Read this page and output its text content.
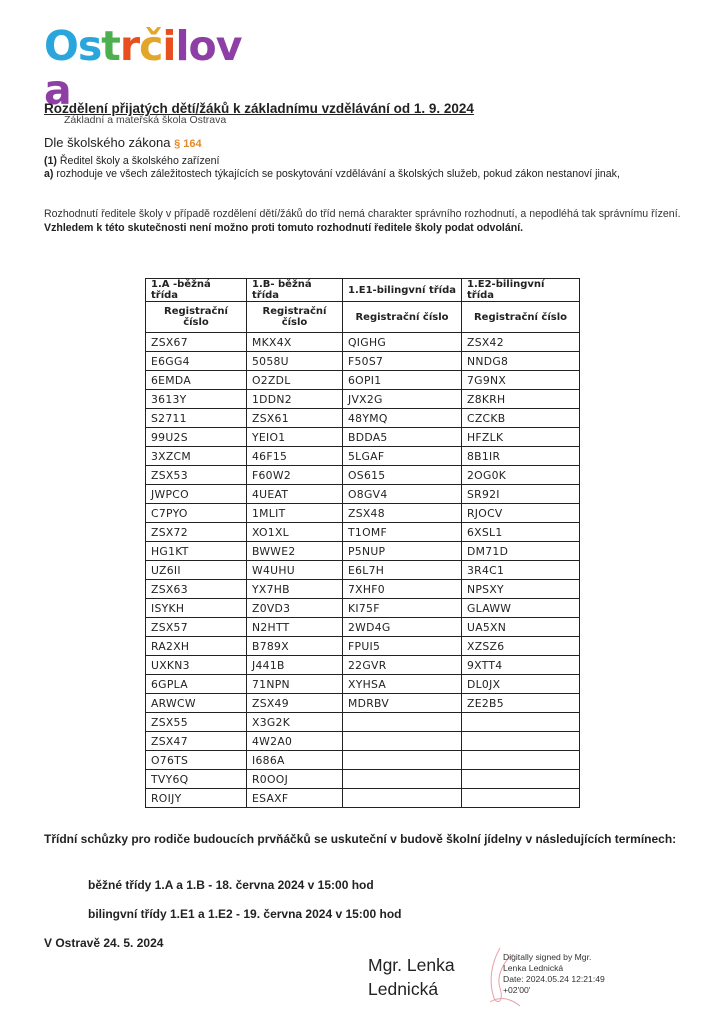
Ostrčilova
Základní a mateřská škola Ostrava
Rozdělení přijatých dětí/žáků k základnímu vzdělávání od 1. 9. 2024
Dle školského zákona § 164
(1) Ředitel školy a školského zařízení
a) rozhoduje ve všech záležitostech týkajících se poskytování vzdělávání a školských služeb, pokud zákon nestanoví jinak,
Rozhodnutí ředitele školy v případě rozdělení dětí/žáků do tříd nemá charakter správního rozhodnutí, a nepodléhá tak správnímu řízení. Vzhledem k této skutečnosti není možno proti tomuto rozhodnutí ředitele školy podat odvolání.
1.A -běžná třída	1.B- běžná třída	1.E1-bilingvní třída	1.E2-bilingvní třída
Registrační číslo	Registrační číslo	Registrační číslo	Registrační číslo
ZSX67	MKX4X	QIGHG	ZSX42
E6GG4	5058U	F50S7	NNDG8
6EMDA	O2ZDL	6OPI1	7G9NX
3613Y	1DDN2	JVX2G	Z8KRH
S2711	ZSX61	48YMQ	CZCKB
99U2S	YEIO1	BDDA5	HFZLK
3XZCM	46F15	5LGAF	8B1IR
ZSX53	F60W2	OS615	2OG0K
JWPCO	4UEAT	O8GV4	SR92I
C7PYO	1MLIT	ZSX48	RJOCV
ZSX72	XO1XL	T1OMF	6XSL1
HG1KT	BWWE2	P5NUP	DM71D
UZ6II	W4UHU	E6L7H	3R4C1
ZSX63	YX7HB	7XHF0	NPSXY
ISYKH	Z0VD3	KI75F	GLAWW
ZSX57	N2HTT	2WD4G	UA5XN
RA2XH	B789X	FPUI5	XZSZ6
UXKN3	J441B	22GVR	9XTT4
6GPLA	71NPN	XYHSA	DL0JX
ARWCW	ZSX49	MDRBV	ZE2B5
ZSX55	X3G2K		
ZSX47	4W2A0		
O76TS	I686A		
TVY6Q	R0OOJ		
ROIJY	ESAXF		
Třídní schůzky pro rodiče budoucích prvňáčků se uskuteční v budově školní jídelny v následujících termínech:
běžné třídy 1.A a 1.B - 18. června 2024 v 15:00 hod
bilingvní třídy 1.E1 a 1.E2 - 19. června 2024 v 15:00 hod
V Ostravě 24. 5. 2024
Mgr. Lenka
Lednická
Digitally signed by Mgr.
Lenka Lednická
Date: 2024.05.24 12:21:49
+02'00'
